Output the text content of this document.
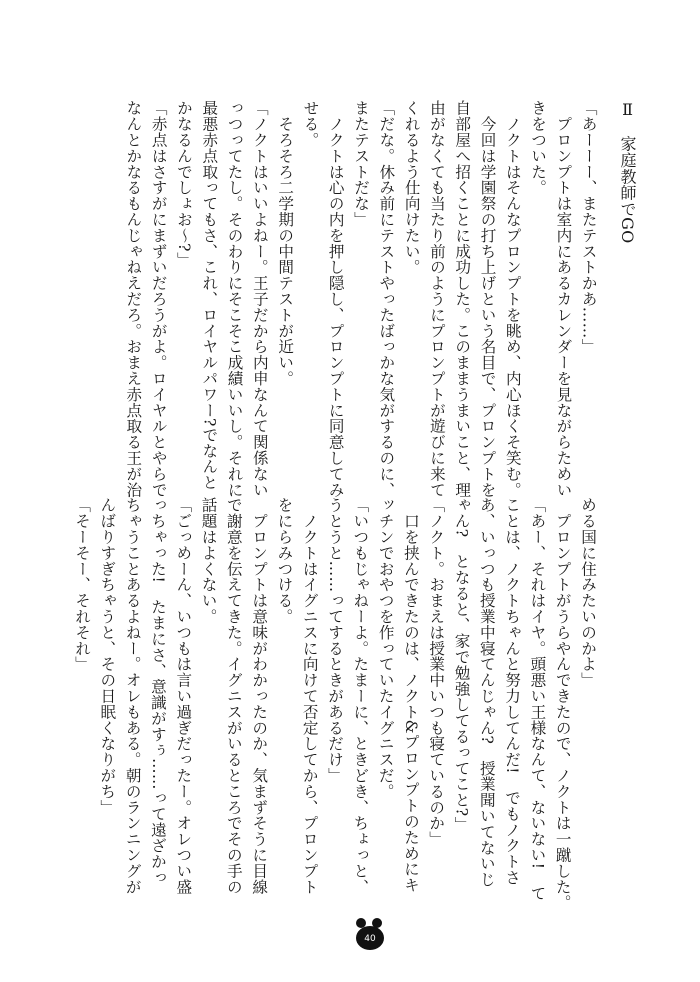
Ⅱ　家庭教師でGO
「あーーー、またテストかあ……」
　プロンプトは室内にあるカレンダーを見ながらためい
きをついた。
　ノクトはそんなプロンプトを眺め、内心ほくそ笑む。
　今回は学園祭の打ち上げという名目で、プロンプトを
自部屋へ招くことに成功した。このままうまいこと、理
由がなくても当たり前のようにプロンプトが遊びに来て
くれるよう仕向けたい。
「だな。休み前にテストやったばっかな気がするのに、
またテストだな」
　ノクトは心の内を押し隠し、プロンプトに同意してみ
せる。
　そろそろ二学期の中間テストが近い。
「ノクトはいいよねー。王子だから内申なんて関係ない
っつってたし。そのわりにそこそこ成績いいし。それに
最悪赤点取ってもさ、これ、ロイヤルパワー?でなんと
かなるんでしょお～?」
「赤点はさすがにまずいだろうがよ。ロイヤルとやらで
なんとかなるもんじゃねえだろ。おまえ赤点取る王が治
める国に住みたいのかよ」
　プロンプトがうらやんできたので、ノクトは一蹴した。
「あー、それはイヤ。頭悪い王様なんて、ないない!　て
ことは、ノクトちゃんと努力してんだ!　でもノクトさ
あ、いっつも授業中寝てんじゃん?　授業聞いてないじ
ゃん?　となると、家で勉強してるってこと?」
「ノクト。おまえは授業中いつも寝ているのか」
　口を挟んできたのは、ノクト&プロンプトのためにキ
ッチンでおやつを作っていたイグニスだ。
「いつもじゃねーよ。たまーに、ときどき、ちょっと、
うとうと……ってするときがあるだけ」
　ノクトはイグニスに向けて否定してから、プロンプト
をにらみつける。
　プロンプトは意味がわかったのか、気まずそうに目線
で謝意を伝えてきた。イグニスがいるところでその手の
話題はよくない。
「ごっめーん、いつもは言い過ぎだったー。オレつい盛
っちゃった!　たまにさ、意識がすぅ……って遠ざかっ
ちゃうことあるよねー。オレもある。朝のランニングが
んばりすぎちゃうと、その日眠くなりがち」
「そーそー、それそれ」
40
